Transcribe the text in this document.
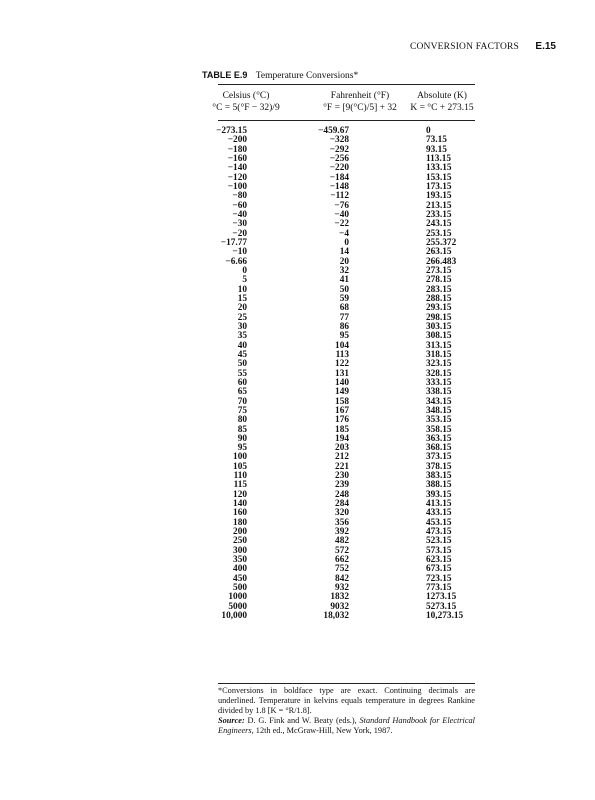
CONVERSION FACTORS E.15
TABLE E.9 Temperature Conversions*
Celsius (°C)	Fahrenheit (°F)	Absolute (K)
°C = 5(°F − 32)/9	°F = [9(°C)/5] + 32	K = °C + 273.15
−273.15	−459.67	0
−200	−328	73.15
−180	−292	93.15
−160	−256	113.15
−140	−220	133.15
−120	−184	153.15
−100	−148	173.15
−80	−112	193.15
−60	−76	213.15
−40	−40	233.15
−30	−22	243.15
−20	−4	253.15
−17.77	0	255.372
−10	14	263.15
−6.66	20	266.483
0	32	273.15
5	41	278.15
10	50	283.15
15	59	288.15
20	68	293.15
25	77	298.15
30	86	303.15
35	95	308.15
40	104	313.15
45	113	318.15
50	122	323.15
55	131	328.15
60	140	333.15
65	149	338.15
70	158	343.15
75	167	348.15
80	176	353.15
85	185	358.15
90	194	363.15
95	203	368.15
100	212	373.15
105	221	378.15
110	230	383.15
115	239	388.15
120	248	393.15
140	284	413.15
160	320	433.15
180	356	453.15
200	392	473.15
250	482	523.15
300	572	573.15
350	662	623.15
400	752	673.15
450	842	723.15
500	932	773.15
1000	1832	1273.15
5000	9032	5273.15
10,000	18,032	10,273.15

*Conversions in boldface type are exact. Continuing decimals are underlined. Temperature in kelvins equals temperature in degrees Rankine divided by 1.8 [K = °R/1.8].

Source: D. G. Fink and W. Beaty (eds.), Standard Handbook for Electrical Engineers, 12th ed., McGraw-Hill, New York, 1987.
